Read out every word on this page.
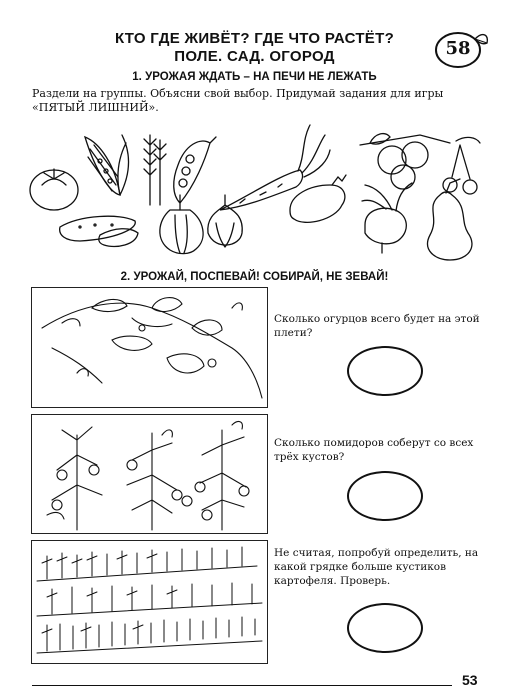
КТО ГДЕ ЖИВЁТ? ГДЕ ЧТО РАСТЁТ?
ПОЛЕ. САД. ОГОРОД	58
1. УРОЖАЯ ЖДАТЬ – НА ПЕЧИ НЕ ЛЕЖАТЬ
Раздели на группы. Объясни свой выбор. Придумай задания для игры «ПЯТЫЙ ЛИШНИЙ».
2. УРОЖАЙ, ПОСПЕВАЙ! СОБИРАЙ, НЕ ЗЕВАЙ!
Сколько огурцов всего будет на этой плети?
Сколько помидоров соберут со всех трёх кустов?
Не считая, попробуй определить, на какой грядке больше кустиков картофеля. Проверь.
53
